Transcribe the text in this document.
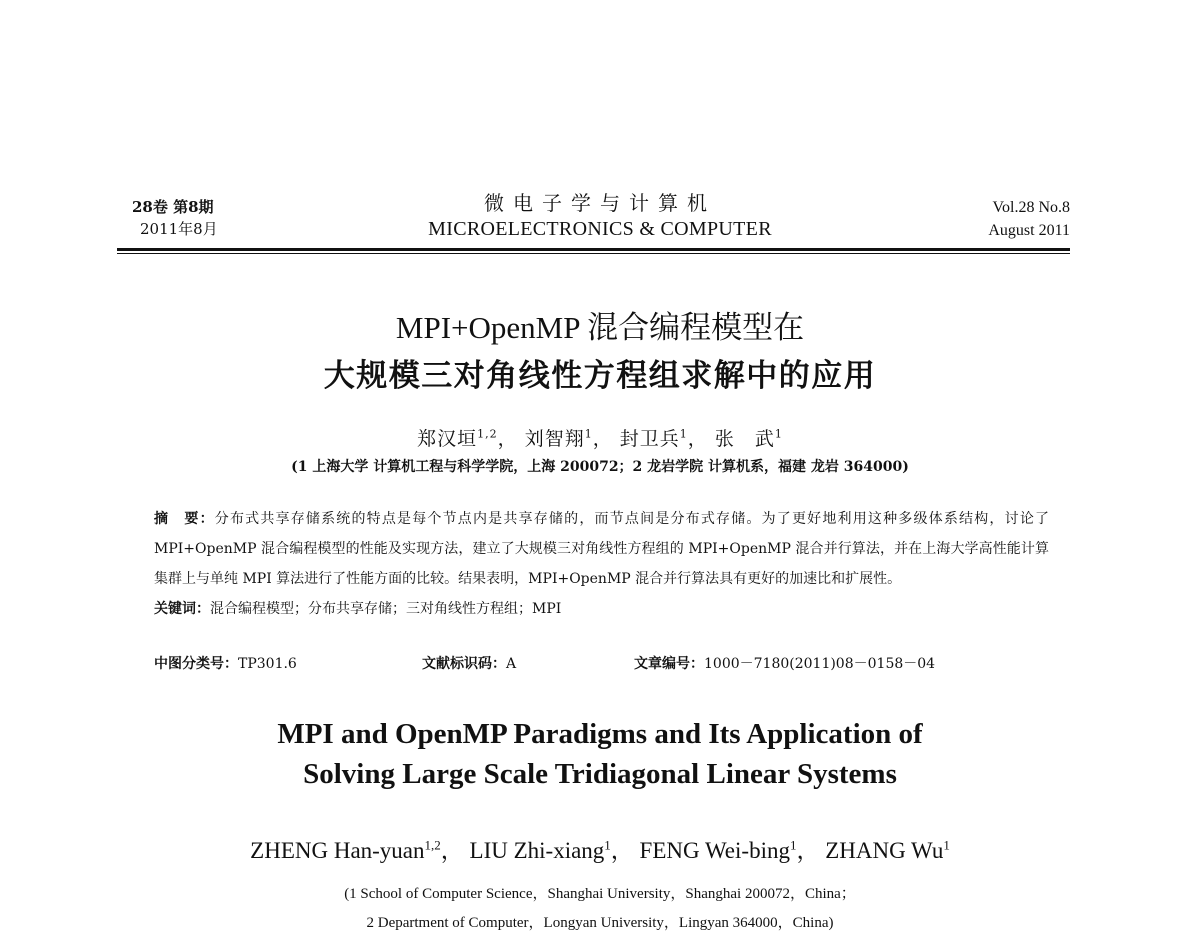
28卷 第8期
2011年8月
微电子学与计算机
MICROELECTRONICS & COMPUTER
Vol.28 No.8
August 2011
MPI+OpenMP 混合编程模型在
大规模三对角线性方程组求解中的应用
郑汉垣$^{1,2}$， 刘智翔$^1$， 封卫兵$^1$， 张　武$^1$
(1 上海大学 计算机工程与科学学院，上海 200072；2 龙岩学院 计算机系，福建 龙岩 364000)
摘　要：分布式共享存储系统的特点是每个节点内是共享存储的，而节点间是分布式存储。为了更好地利用这种多级体系结构，讨论了 MPI+OpenMP 混合编程模型的性能及实现方法，建立了大规模三对角线性方程组的 MPI+OpenMP 混合并行算法，并在上海大学高性能计算集群上与单纯 MPI 算法进行了性能方面的比较。结果表明，MPI+OpenMP 混合并行算法具有更好的加速比和扩展性。
关键词：混合编程模型；分布共享存储；三对角线性方程组；MPI
中图分类号：TP301.6	文献标识码：A	文章编号：1000－7180(2011)08－0158－04
MPI and OpenMP Paradigms and Its Application of
Solving Large Scale Tridiagonal Linear Systems
ZHENG Han-yuan$^{1,2}$， LIU Zhi-xiang$^1$， FENG Wei-bing$^1$， ZHANG Wu$^1$
(1 School of Computer Science，Shanghai University，Shanghai 200072，China；
2 Department of Computer，Longyan University，Lingyan 364000，China)
